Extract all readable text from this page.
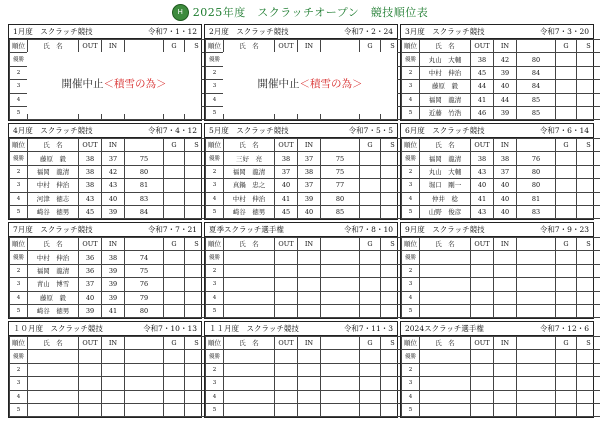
H 2025年度　スクラッチオープン　競技順位表
1月度　スクラッチ競技	令和7・1・12
順位	氏　名	OUT	IN		G	S
優勝						
2						
3						
4						
5						
開催中止 ＜積雪の為＞
2月度　スクラッチ競技	令和7・2・24
順位	氏　名	OUT	IN		G	S
優勝						
2						
3						
4						
5						
開催中止 ＜積雪の為＞
3月度　スクラッチ競技	令和7・3・20
順位	氏　名	OUT	IN		G	S
優勝	丸山　大輔	38	42	80		
2	中村　伸治	45	39	84		
3	藤原　毅	44	40	84		
4	福岡　龍清	41	44	85		
5	近藤　竹浩	46	39	85		
4月度　スクラッチ競技	令和7・4・12
順位	氏　名	OUT	IN		G	S
優勝	藤原　毅	38	37	75		
2	福岡　龍清	38	42	80		
3	中村　伸治	38	43	81		
4	河津　徳志	43	40	83		
5	崎谷　徳男	45	39	84		
5月度　スクラッチ競技	令和7・5・5
順位	氏　名	OUT	IN		G	S
優勝	三好　亮	38	37	75		
2	福岡　龍清	37	38	75		
3	真鍋　忠之	40	37	77		
4	中村　伸治	41	39	80		
5	崎谷　徳男	45	40	85		
6月度　スクラッチ競技	令和7・6・14
順位	氏　名	OUT	IN		G	S
優勝	福岡　龍清	38	38	76		
2	丸山　大輔	43	37	80		
3	堀口　剛一	40	40	80		
4	仲井　稔	41	40	81		
5	山野　俊彦	43	40	83		
7月度　スクラッチ競技	令和7・7・21
順位	氏　名	OUT	IN		G	S
優勝	中村　伸治	36	38	74		
2	福岡　龍清	36	39	75		
3	青山　博雪	37	39	76		
4	藤原　毅	40	39	79		
5	崎谷　徳男	39	41	80		
夏季スクラッチ選手権	令和7・8・10
順位	氏　名	OUT	IN		G	S
優勝						
2						
3						
4						
5						
9月度　スクラッチ競技	令和7・9・23
順位	氏　名	OUT	IN		G	S
優勝						
2						
3						
4						
5						
１０月度　スクラッチ競技	令和7・10・13
順位	氏　名	OUT	IN		G	S
優勝						
2						
3						
4						
5						
１１月度　スクラッチ競技	令和7・11・3
順位	氏　名	OUT	IN		G	S
優勝						
2						
3						
4						
5						
2024スクラッチ選手権	令和7・12・6
順位	氏　名	OUT	IN		G	S
優勝						
2						
3						
4						
5						
